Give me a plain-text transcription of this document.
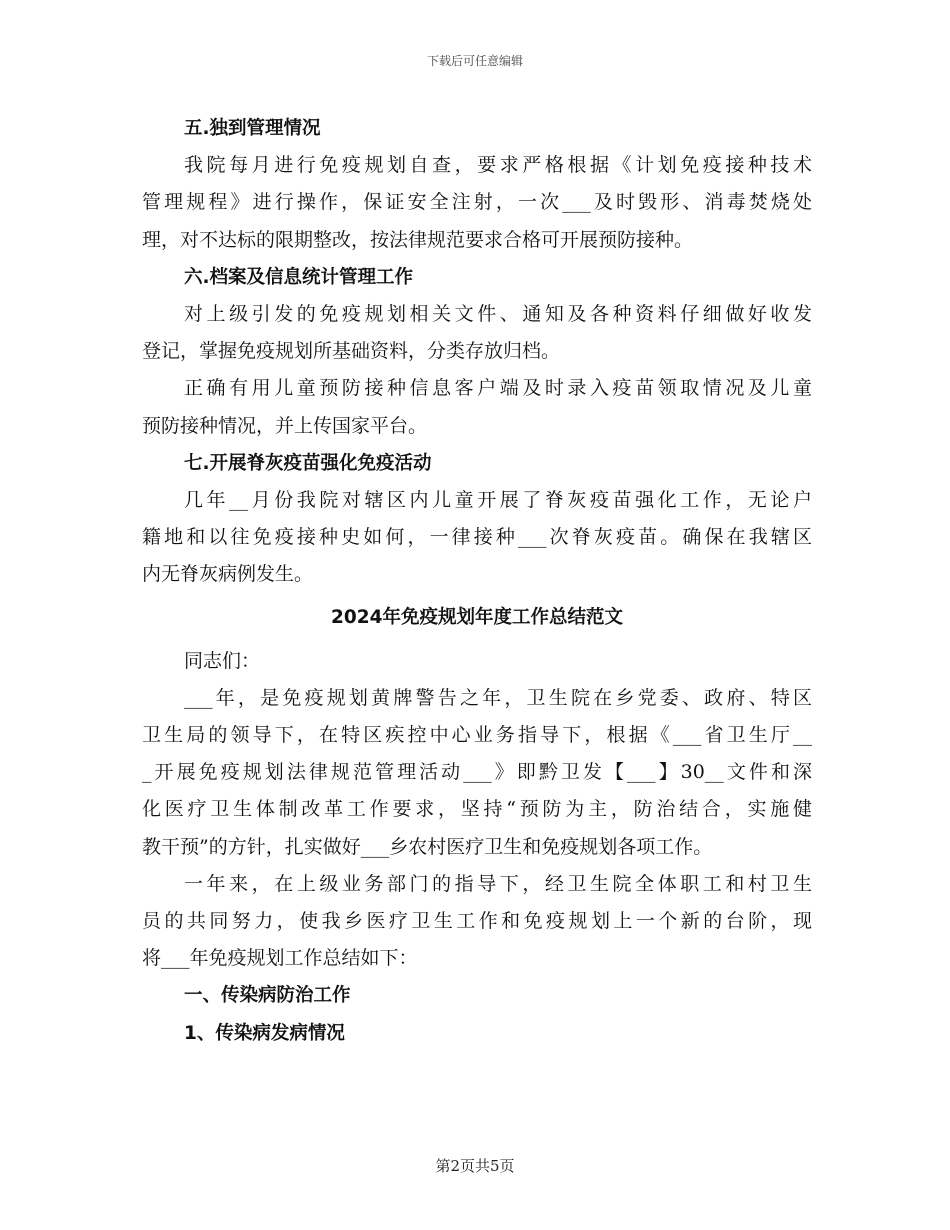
下载后可任意编辑
五.独到管理情况
我院每月进行免疫规划自查，要求严格根据《计划免疫接种技术
管理规程》进行操作，保证安全注射，一次___及时毁形、消毒焚烧处
理，对不达标的限期整改，按法律规范要求合格可开展预防接种。
六.档案及信息统计管理工作
对上级引发的免疫规划相关文件、通知及各种资料仔细做好收发
登记，掌握免疫规划所基础资料，分类存放归档。
正确有用儿童预防接种信息客户端及时录入疫苗领取情况及儿童
预防接种情况，并上传国家平台。
七.开展脊灰疫苗强化免疫活动
几年__月份我院对辖区内儿童开展了脊灰疫苗强化工作，无论户
籍地和以往免疫接种史如何，一律接种___次脊灰疫苗。确保在我辖区
内无脊灰病例发生。
2024年免疫规划年度工作总结范文
同志们：
___年，是免疫规划黄牌警告之年，卫生院在乡党委、政府、特区
卫生局的领导下，在特区疾控中心业务指导下，根据《___省卫生厅__
_开展免疫规划法律规范管理活动___》即黔卫发【___】30__文件和深
化医疗卫生体制改革工作要求，坚持“预防为主，防治结合，实施健
教干预”的方针，扎实做好___乡农村医疗卫生和免疫规划各项工作。
一年来，在上级业务部门的指导下，经卫生院全体职工和村卫生
员的共同努力，使我乡医疗卫生工作和免疫规划上一个新的台阶，现
将___年免疫规划工作总结如下：
一、传染病防治工作
1、传染病发病情况
第2页共5页
